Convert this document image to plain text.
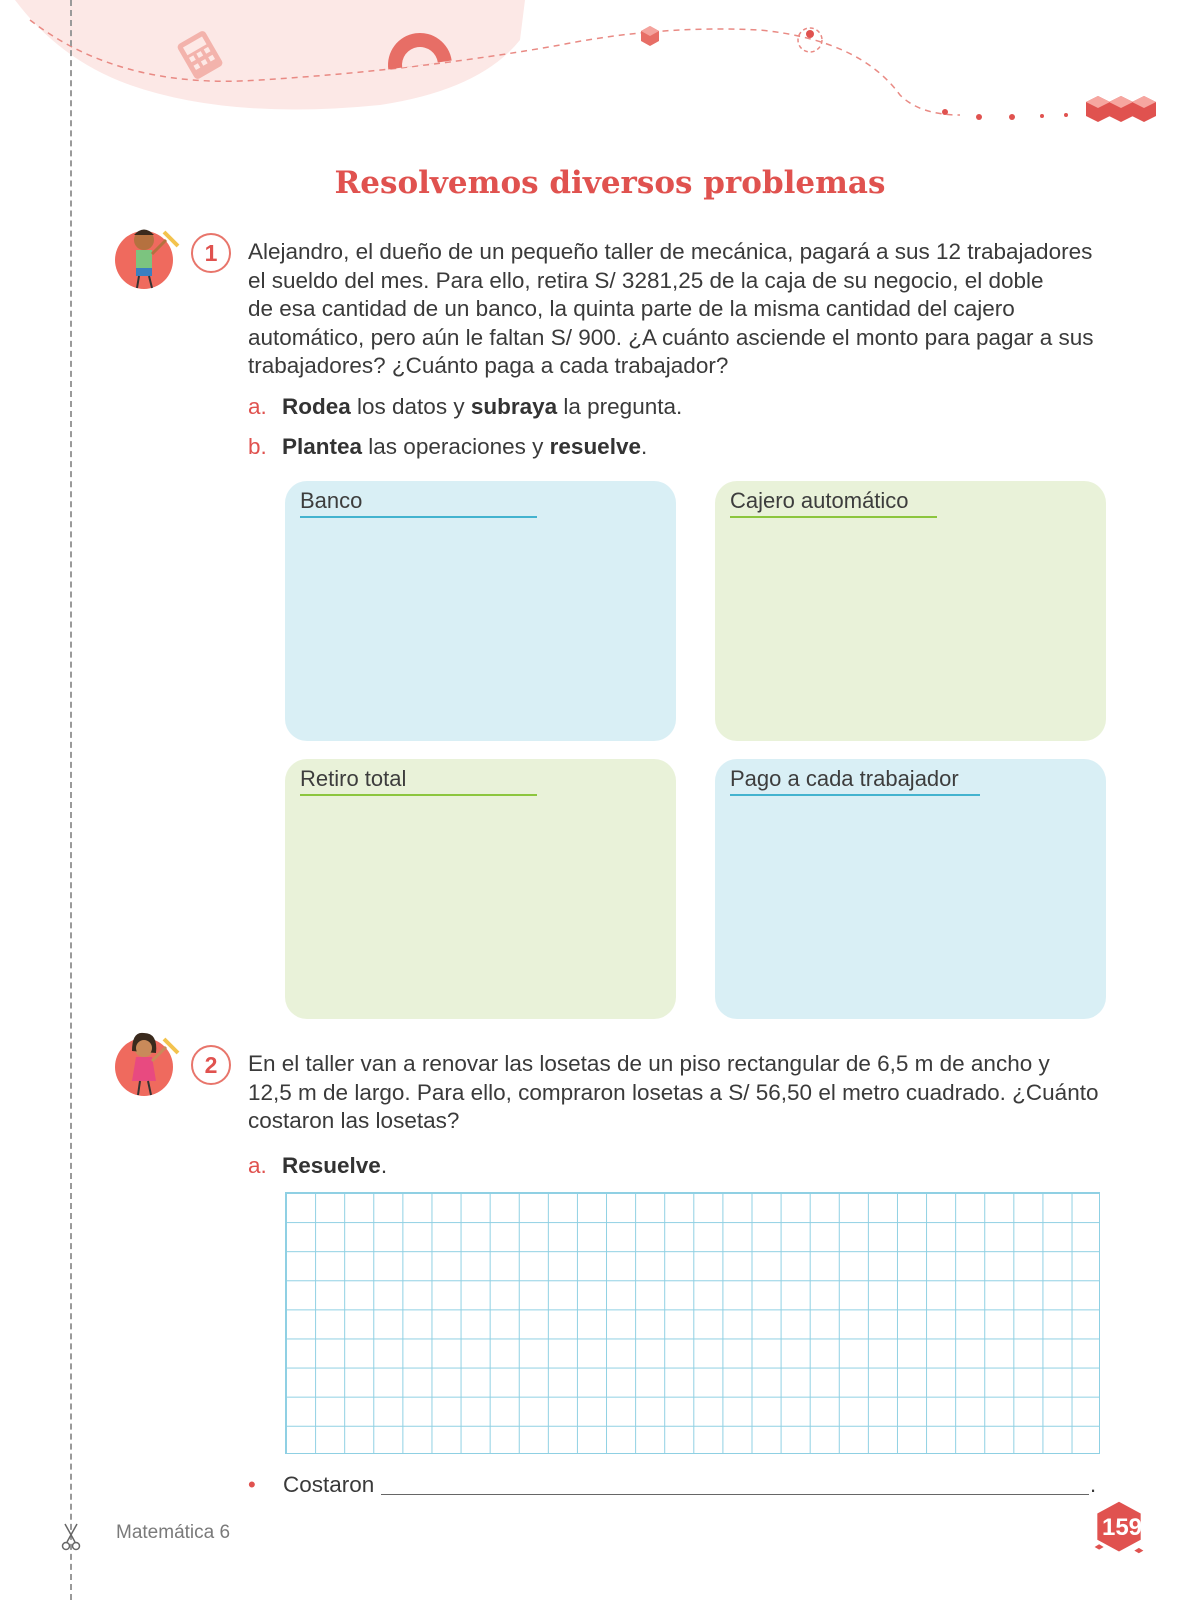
Resolvemos diversos problemas
1	Alejandro, el dueño de un pequeño taller de mecánica, pagará a sus 12 trabajadores
el sueldo del mes. Para ello, retira S/ 3281,25 de la caja de su negocio, el doble
de esa cantidad de un banco, la quinta parte de la misma cantidad del cajero
automático, pero aún le faltan S/ 900. ¿A cuánto asciende el monto para pagar a sus
trabajadores? ¿Cuánto paga a cada trabajador?
a. Rodea los datos y subraya la pregunta.
b. Plantea las operaciones y resuelve.
Banco	Cajero automático
Retiro total	Pago a cada trabajador
2	En el taller van a renovar las losetas de un piso rectangular de 6,5 m de ancho y
12,5 m de largo. Para ello, compraron losetas a S/ 56,50 el metro cuadrado. ¿Cuánto
costaron las losetas?
a. Resuelve.
• Costaron	.
Matemática 6	159
